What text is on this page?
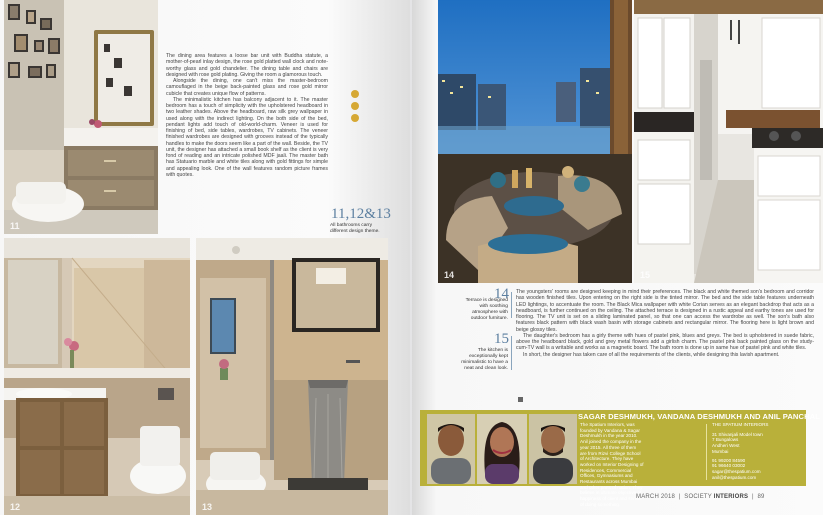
11
12	13

The dining area features a loose bar unit with Buddha statute, a mother-of-pearl inlay design, the rose gold platted wall clock and note-worthy glass and gold chandelier. The dining table and chairs are designed with rose gold plating. Giving the room a glamorous touch.

Alongside the dining, one can't miss the master-bedroom camouflaged in the beige back-painted glass and rose gold mirror cubicle that creates unique flow of patterns.

The minimalistic kitchen has balcony adjacent to it. The master bedroom has a touch of simplicity with the upholstered headboard in two leather shades. Above the headboard, raw silk grey wallpaper in used along with the indirect lighting. On the both side of the bed, pendant lights add touch of old-world-charm. Veneer is used for finishing of bed, side tables, wardrobes, TV cabinets. The veneer finished wardrobes are designed with grooves instead of the typically handles to make the doors seem like a part of the wall. Beside, the TV unit, the designer has attached a small book shelf as the client is very fond of reading and an intricate polished MDF jaali. The master bath has Statuario marble and white tiles along with gold fittings for simple and appealing look. One of the wall features random picture frames with quotes.

11,12&13
All bathrooms carry different design theme.
14	15
14
Terrace is designed with soothing atmosphere with outdoor furniture.
15
The kitchen is exceptionally kept minimalistic to have a neat and clean look.

The youngsters' rooms are designed keeping in mind their preferences. The black and white themed son's bedroom and corridor has wooden finished tiles. Upon entering on the right side is the tinted mirror. The bed and the side table features underneath LED lightings, to accentuate the room. The Black Mica wallpaper with white Corian serves as an elegant backdrop that acts as a headboard, is further continued on the ceiling. The attached terrace is designed in a rustic appeal and earthy tones are used for flooring. The TV unit is set on a sliding laminated panel, so that one can access the wardrobe as well. The son's bath also features black pattern with black wash basin with storage cabinets and rectangular mirror. The flooring here is light brown and beige glossy tiles.

The daughter's bedroom has a girly theme with hues of pastel pink, blues and greys. The bed is upholstered in suede fabric, above the headboard black, gold and grey metal flowers add a girlish charm. The pastel pink back painted glass on the study-cum-TV wall is a writable and works as a magnetic board. The bath room is done up in same hue of pastel pink and white tiles.

In short, the designer has taken care of all the requirements of the clients, while designing this lavish apartment.

SAGAR DESHMUKH, VANDANA DESHMUKH AND ANIL PANCHAL
The Spatium Interiors, was founded by Vandana & Sagar Deshmukh in the year 2010. Anil joined the company in the year 2015. All three of them are from Rizvi College School of Architecture. They have worked on Interior Designing of Residences, Commercial Offices, Gymnasiums and Restaurants across Mumbai and other parts of nation. They believe in ultimate objective of happiness of client and sense of doing something.
THE SPATIUM INTERIORS
31 Shivanjali Model town
7 Bungalows
Andheri West
Mumbai
91 99200 84590
91 96640 03002
sagar@thespatium.com
anil@thespatium.com
MARCH 2018  |  SOCIETY INTERIORS  |  89
